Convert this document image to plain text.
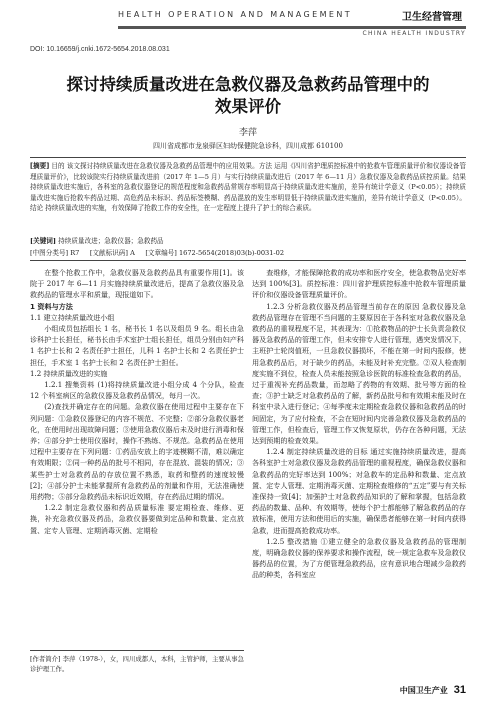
HEALTH OPERATION AND MANAGEMENT	卫生经营管理
CHINA HEALTH INDUSTRY
DOI: 10.16659/j.cnki.1672-5654.2018.08.031
探讨持续质量改进在急救仪器及急救药品管理中的
效果评价
李萍
四川省成都市龙泉驿区妇幼保健院急诊科，四川成都 610100
[摘要] 目的 该文探讨持续质量改进在急救仪器及急救药品管理中的应用效果。方法 运用《四川省护理质控标准中的抢救车管理质量评价和仪器设备管理质量评价》，比较该院实行持续质量改进前（2017 年 1—5 月）与实行持续质量改进后（2017 年 6—11 月）急救仪器及急救药品质控质量。结果 持续质量改进实施后，各科室的急救仪器登记的规范程度和急救药品常规存率明显高于持续质量改进实施前，差异有统计学意义（P<0.05）；持续质量改进实施后抢救车药品过期、高危药品未标识、药品标签模糊、药品混放的发生率明显低于持续质量改进实施前，差异有统计学意义（P<0.05）。结论 持续质量改进的实施，有效保障了抢救工作的安全性，在一定程度上提升了护士的综合素质。
[关键词] 持续质量改进；急救仪器；急救药品
[中图分类号] R7 [文献标识码] A [文章编号] 1672-5654(2018)03(b)-0031-02

在整个抢救工作中，急救仪器及急救药品具有重要作用[1]。该院于 2017 年 6—11 月实施持续质量改进后，提高了急救仪器及急救药品的管理水平和质量，现报道如下。

1 资料与方法

1.1 建立持续质量改进小组

小组成员包括组长 1 名，秘书长 1 名以及组员 9 名。组长由急诊科护士长担任，秘书长由手术室护士组长担任，组员分别由妇产科 1 名护士长和 2 名责任护士担任，儿科 1 名护士长和 2 名责任护士担任，手术室 1 名护士长和 2 名责任护士担任。

1.2 持续质量改进的实施

1.2.1 搜集资料 (1)将持续质量改进小组分成 4 个分队，检查 12 个科室病区的急救仪器及急救药品情况，每月一次。

(2)查找并确定存在的问题。急救仪器在使用过程中主要存在下列问题：①急救仪器登记的内容不规范、不完整；②部分急救仪器老化，在使用时出现故障问题；③使用急救仪器后未及时进行消毒和保养；④部分护士使用仪器时，操作不熟练、不规范。急救药品在使用过程中主要存在下列问题：①药品安放上的字迹模糊不清，难以确定有效期限；②同一种药品的批号不相同，存在混放、混装的情况；③某些护士对急救药品的存放位置不熟悉，取药和整药的速度较慢[2]；④部分护士未能掌握所有急救药品的剂量和作用，无法准确使用药物；⑤部分急救药品未标识近效期，存在药品过期的情况。

1.2.2 制定急救仪器和药品质量标准 要定期检查、维修、更换，补充急救仪器及药品，急救仪器要做到定品种和数量、定点放置、定专人管理、定期消毒灭菌、定期检

查维修，才能保障抢救的成功率和医疗安全，使急救物品完好率达到 100%[3]。质控标准：四川省护理质控标准中抢救车管理质量评价和仪器设备管理质量评价。

1.2.3 分析急救仪器及药品管理当前存在的原因 急救仪器及急救药品管理存在管理不当问题的主要原因在于各科室对急救仪器及急救药品的重视程度不足，其表现为：①抢救物品的护士长负责急救仪器及急救药品的管理工作，但未安排专人进行管理，遇突发情况下，主班护士轮岗值班，一旦急救仪器损坏，不能在第一时间内报修，使用急救药品后，对于缺少的药品，未能及时补充完整。②双人检查制度实施不到位，检查人员未能按照急诊医院的标准检查急救的药品，过于重视补充药品数量，而忽略了药物的有效期、批号等方面的检查；③护士缺乏对急救药品的了解，新药品批号和有效期未能及时在科室中录入进行登记；④每季度未定期检查急救仪器和急救药品的时间固定，为了应付检查，不会在短时间内完善急救仪器及急救药品的管理工作，但检查后，管理工作又恢复原状，仍存在各种问题，无法达到预期的检查效果。

1.2.4 制定持续质量改进的目标 通过实施持续质量改进，提高各科室护士对急救仪器及急救药品管理的重视程度，确保急救仪器和急救药品的完好率达到 100%；对急救车的定品种和数量、定点放置、定专人管理、定期消毒灭菌、定期检查维修的“五定”要与有关标准保持一致[4]；加强护士对急救药品知识的了解和掌握，包括急救药品的数量、品种、有效期等，使每个护士都能够了解急救药品的存放标准，使用方法和使用后的实施，确保患者能够在第一时间内获得急救，进而提高抢救成功率。

1.2.5 整改措施 ①建立健全的急救仪器及急救药品的管理制度，明确急救仪器的保养要求和操作流程，统一规定急救车及急救仪器药品的位置，为了方便管理急救药品，应有意识地合理减少急救药品的种类，各科室应

[作者简介] 李萍（1978-），女，四川成都人，本科，主管护师，主要从事急诊护理工作。
中国卫生产业 31
